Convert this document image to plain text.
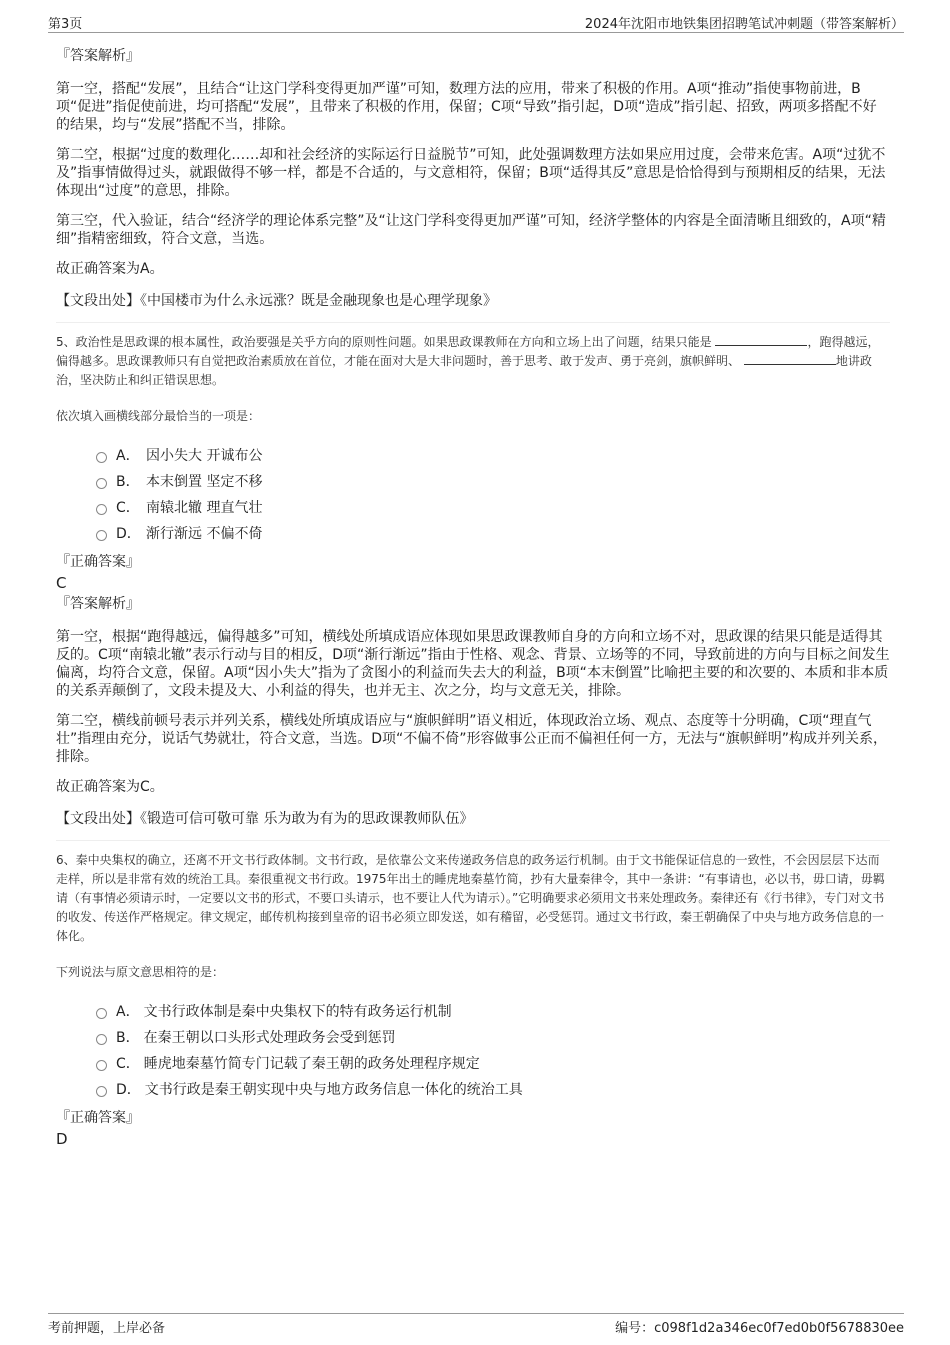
第3页	2024年沈阳市地铁集团招聘笔试冲刺题（带答案解析）

『答案解析』

第一空，搭配“发展”，且结合“让这门学科变得更加严谨”可知，数理方法的应用，带来了积极的作用。A项“推动”指使事物前进，B项“促进”指促使前进，均可搭配“发展”，且带来了积极的作用，保留；C项“导致”指引起，D项“造成”指引起、招致，两项多搭配不好的结果，均与“发展”搭配不当，排除。

第二空，根据“过度的数理化……却和社会经济的实际运行日益脱节”可知，此处强调数理方法如果应用过度，会带来危害。A项“过犹不及”指事情做得过头，就跟做得不够一样，都是不合适的，与文意相符，保留；B项“适得其反”意思是恰恰得到与预期相反的结果，无法体现出“过度”的意思，排除。

第三空，代入验证，结合“经济学的理论体系完整”及“让这门学科变得更加严谨”可知，经济学整体的内容是全面清晰且细致的，A项“精细”指精密细致，符合文意，当选。

故正确答案为A。

【文段出处】《中国楼市为什么永远涨？既是金融现象也是心理学现象》

5、政治性是思政课的根本属性，政治要强是关乎方向的原则性问题。如果思政课教师在方向和立场上出了问题，结果只能是	，跑得越远，偏得越多。思政课教师只有自觉把政治素质放在首位，才能在面对大是大非问题时，善于思考、敢于发声、勇于亮剑，旗帜鲜明、	地讲政治，坚决防止和纠正错误思想。

依次填入画横线部分最恰当的一项是：

A． 因小失大 开诚布公
B． 本末倒置 坚定不移
C． 南辕北辙 理直气壮
D． 渐行渐远 不偏不倚

『正确答案』

C

『答案解析』

第一空，根据“跑得越远，偏得越多”可知，横线处所填成语应体现如果思政课教师自身的方向和立场不对，思政课的结果只能是适得其反的。C项“南辕北辙”表示行动与目的相反，D项“渐行渐远”指由于性格、观念、背景、立场等的不同，导致前进的方向与目标之间发生偏离，均符合文意，保留。A项“因小失大”指为了贪图小的利益而失去大的利益，B项“本末倒置”比喻把主要的和次要的、本质和非本质的关系弄颠倒了，文段未提及大、小利益的得失，也并无主、次之分，均与文意无关，排除。

第二空，横线前顿号表示并列关系，横线处所填成语应与“旗帜鲜明”语义相近，体现政治立场、观点、态度等十分明确，C项“理直气壮”指理由充分，说话气势就壮，符合文意，当选。D项“不偏不倚”形容做事公正而不偏袒任何一方，无法与“旗帜鲜明”构成并列关系，排除。

故正确答案为C。

【文段出处】《锻造可信可敬可靠 乐为敢为有为的思政课教师队伍》

6、秦中央集权的确立，还离不开文书行政体制。文书行政，是依靠公文来传递政务信息的政务运行机制。由于文书能保证信息的一致性，不会因层层下达而走样，所以是非常有效的统治工具。秦很重视文书行政。1975年出土的睡虎地秦墓竹简，抄有大量秦律令，其中一条讲：“有事请也，必以书，毋口请，毋羁请（有事情必须请示时，一定要以文书的形式，不要口头请示，也不要让人代为请示）。”它明确要求必须用文书来处理政务。秦律还有《行书律》，专门对文书的收发、传送作严格规定。律文规定，邮传机构接到皇帝的诏书必须立即发送，如有稽留，必受惩罚。通过文书行政，秦王朝确保了中央与地方政务信息的一体化。

下列说法与原文意思相符的是：

A． 文书行政体制是秦中央集权下的特有政务运行机制
B． 在秦王朝以口头形式处理政务会受到惩罚
C． 睡虎地秦墓竹简专门记载了秦王朝的政务处理程序规定
D． 文书行政是秦王朝实现中央与地方政务信息一体化的统治工具

『正确答案』

D

考前押题，上岸必备	编号：c098f1d2a346ec0f7ed0b0f5678830ee
